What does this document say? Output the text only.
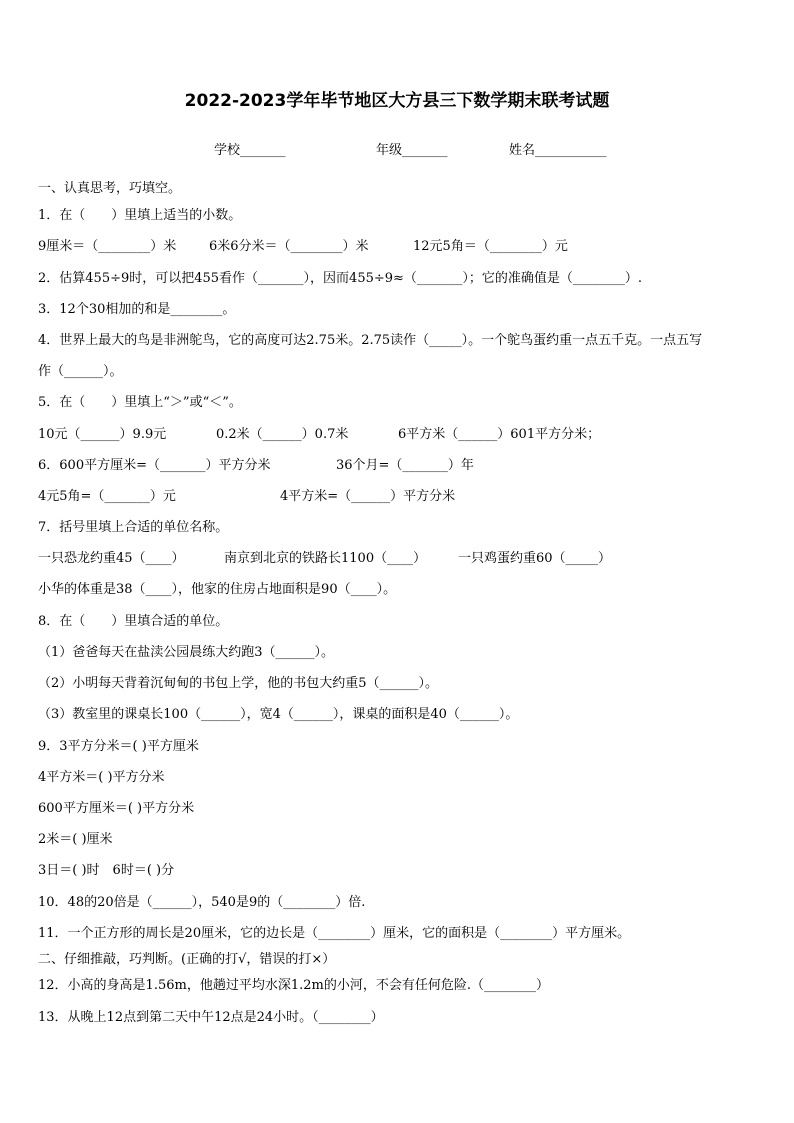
2022-2023学年毕节地区大方县三下数学期末联考试题
学校_______	年级_______	姓名___________
一、认真思考，巧填空。
1．在（　　）里填上适当的小数。
9厘米＝（________）米	6米6分米＝（________）米	12元5角＝（________）元
2．估算455÷9时，可以把455看作（_______），因而455÷9≈（_______）；它的准确值是（________）.
3．12个30相加的和是________。
4．世界上最大的鸟是非洲鸵鸟，它的高度可达2.75米。2.75读作（_____）。一个鸵鸟蛋约重一点五千克。一点五写
作（______）。
5．在（　　）里填上“＞”或“＜”。
10元（______）9.9元	0.2米（______）0.7米	6平方米（______）601平方分米；
6．600平方厘米=（_______）平方分米	36个月=（_______）年
4元5角=（_______）元	4平方米=（______）平方分米
7．括号里填上合适的单位名称。
一只恐龙约重45（____）	南京到北京的铁路长1100（____） 一只鸡蛋约重60（_____）
小华的体重是38（____），他家的住房占地面积是90（____）。
8．在（　　）里填合适的单位。
（1）爸爸每天在盐渎公园晨练大约跑3（______）。
（2）小明每天背着沉甸甸的书包上学，他的书包大约重5（______）。
（3）教室里的课桌长100（______），宽4（______），课桌的面积是40（______）。
9．3平方分米＝( )平方厘米
4平方米＝( )平方分米
600平方厘米＝( )平方分米
2米＝( )厘米
3日＝( )时　6时＝( )分
10．48的20倍是（______），540是9的（________）倍.
11．一个正方形的周长是20厘米，它的边长是（________）厘米，它的面积是（________）平方厘米。
二、仔细推敲，巧判断。(正确的打√，错误的打×）
12．小高的身高是1.56m，他趟过平均水深1.2m的小河，不会有任何危险.（________）
13．从晚上12点到第二天中午12点是24小时。（________）
